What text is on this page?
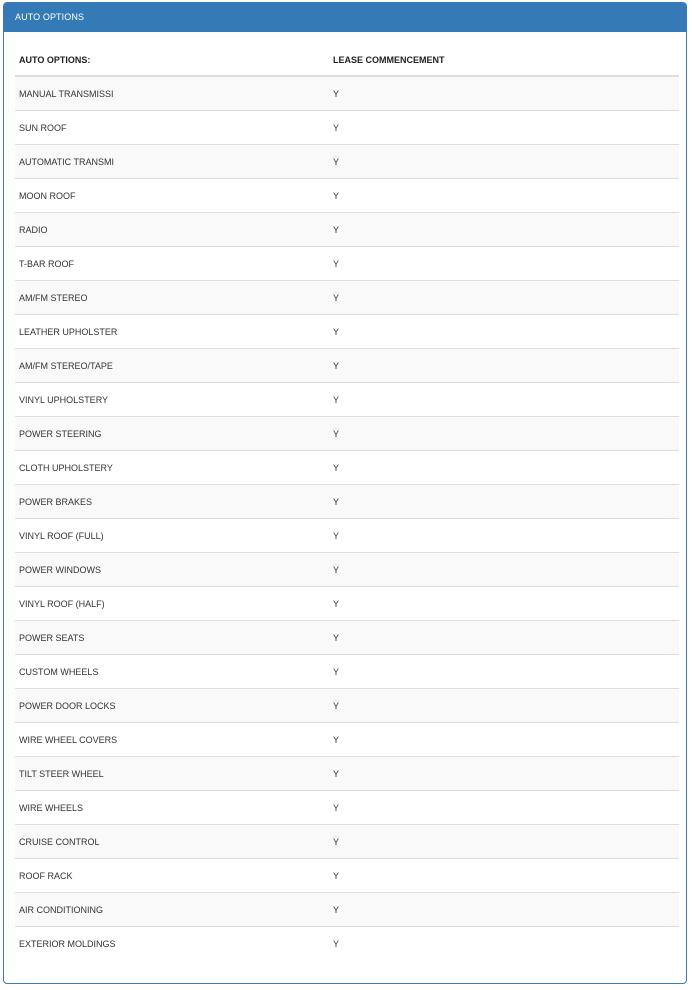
AUTO OPTIONS
AUTO OPTIONS:	LEASE COMMENCEMENT
MANUAL TRANSMISSI	Y
SUN ROOF	Y
AUTOMATIC TRANSMI	Y
MOON ROOF	Y
RADIO	Y
T-BAR ROOF	Y
AM/FM STEREO	Y
LEATHER UPHOLSTER	Y
AM/FM STEREO/TAPE	Y
VINYL UPHOLSTERY	Y
POWER STEERING	Y
CLOTH UPHOLSTERY	Y
POWER BRAKES	Y
VINYL ROOF (FULL)	Y
POWER WINDOWS	Y
VINYL ROOF (HALF)	Y
POWER SEATS	Y
CUSTOM WHEELS	Y
POWER DOOR LOCKS	Y
WIRE WHEEL COVERS	Y
TILT STEER WHEEL	Y
WIRE WHEELS	Y
CRUISE CONTROL	Y
ROOF RACK	Y
AIR CONDITIONING	Y
EXTERIOR MOLDINGS	Y
